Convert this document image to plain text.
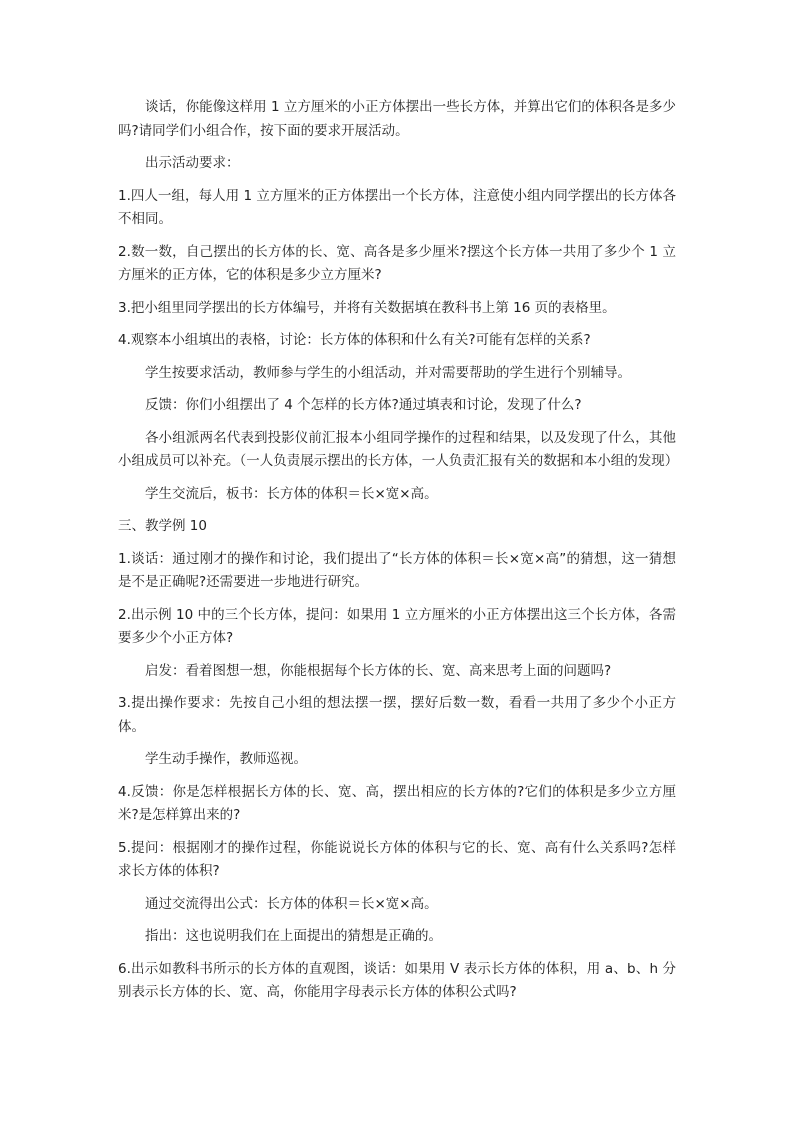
谈话，你能像这样用 1 立方厘米的小正方体摆出一些长方体，并算出它们的体积各是多少吗?请同学们小组合作，按下面的要求开展活动。

出示活动要求：

1.四人一组，每人用 1 立方厘米的正方体摆出一个长方体，注意使小组内同学摆出的长方体各不相同。

2.数一数，自己摆出的长方体的长、宽、高各是多少厘米?摆这个长方体一共用了多少个 1 立方厘米的正方体，它的体积是多少立方厘米?

3.把小组里同学摆出的长方体编号，并将有关数据填在教科书上第 16 页的表格里。

4.观察本小组填出的表格，讨论：长方体的体积和什么有关?可能有怎样的关系?

学生按要求活动，教师参与学生的小组活动，并对需要帮助的学生进行个别辅导。

反馈：你们小组摆出了 4 个怎样的长方体?通过填表和讨论，发现了什么?

各小组派两名代表到投影仪前汇报本小组同学操作的过程和结果，以及发现了什么，其他小组成员可以补充。（一人负责展示摆出的长方体，一人负责汇报有关的数据和本小组的发现）

学生交流后，板书：长方体的体积＝长×宽×高。

三、教学例 10

1.谈话：通过刚才的操作和讨论，我们提出了“长方体的体积＝长×宽×高”的猜想，这一猜想是不是正确呢?还需要进一步地进行研究。

2.出示例 10 中的三个长方体，提问：如果用 1 立方厘米的小正方体摆出这三个长方体，各需要多少个小正方体?

启发：看着图想一想，你能根据每个长方体的长、宽、高来思考上面的问题吗?

3.提出操作要求：先按自己小组的想法摆一摆，摆好后数一数，看看一共用了多少个小正方体。

学生动手操作，教师巡视。

4.反馈：你是怎样根据长方体的长、宽、高，摆出相应的长方体的?它们的体积是多少立方厘米?是怎样算出来的?

5.提问：根据刚才的操作过程，你能说说长方体的体积与它的长、宽、高有什么关系吗?怎样求长方体的体积?

通过交流得出公式：长方体的体积＝长×宽×高。

指出：这也说明我们在上面提出的猜想是正确的。

6.出示如教科书所示的长方体的直观图，谈话：如果用 V 表示长方体的体积，用 a、b、h 分别表示长方体的长、宽、高，你能用字母表示长方体的体积公式吗?
